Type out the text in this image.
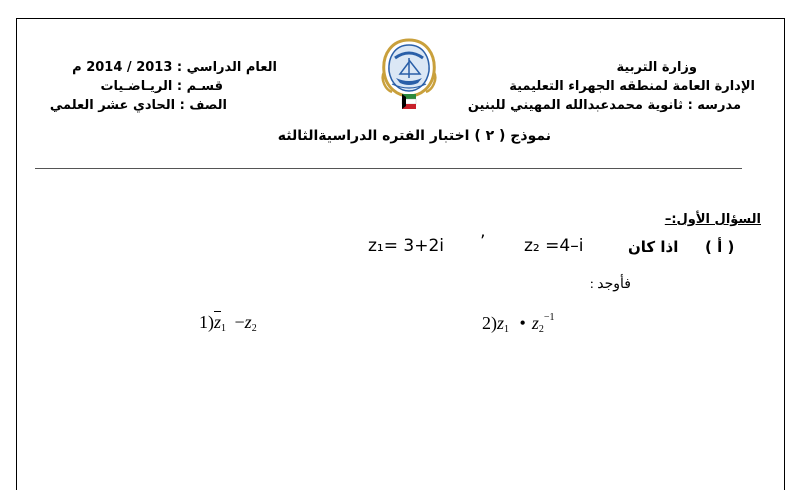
وزارة التربية
الإدارة العامة لمنطقه الجهراء التعليمية
مدرسه : ثانوية محمدعبدالله المهيني للبنين
العام الدراسي : 2013 / 2014 م
قسـم : الريـاضـيات
الصف : الحادي عشر العلمي
نموذج ( ٢ ) اختبار الفتره الدراسيةالثالثه
السؤال الأول:–
( أ )
اذا كان
z₂ =4–i
’
z₁= 3+2i
فأوجد :
$1)\overline{z}_1 -z_2$	$2)z_1$ • $z_2^{-1}$
